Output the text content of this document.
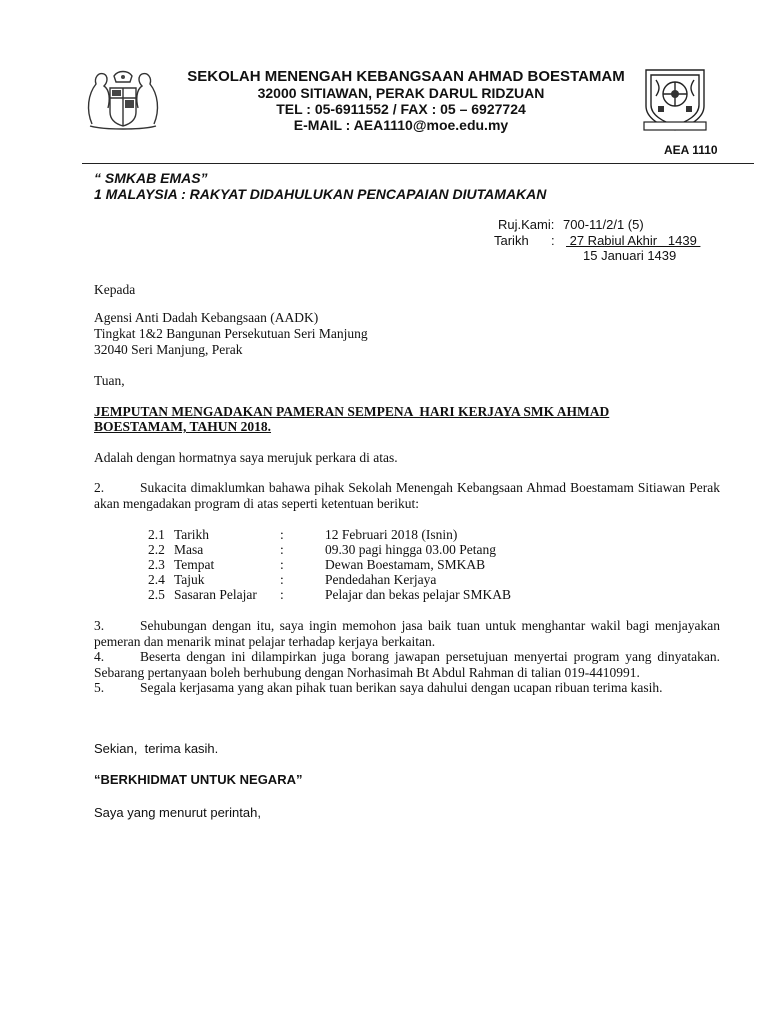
SEKOLAH MENENGAH KEBANGSAAN AHMAD BOESTAMAM
32000 SITIAWAN, PERAK DARUL RIDZUAN
TEL : 05-6911552 / FAX : 05 – 6927724
E-MAIL : AEA1110@moe.edu.my
AEA 1110
“ SMKAB EMAS”
1 MALAYSIA : RAKYAT DIDAHULUKAN PENCAPAIAN DIUTAMAKAN
Ruj.Kami: 700-11/2/1 (5)
Tarikh : 27 Rabiul Akhir   1439
15 Januari 1439
Kepada
Agensi Anti Dadah Kebangsaan (AADK)
Tingkat 1&2 Bangunan Persekutuan Seri Manjung
32040 Seri Manjung, Perak
Tuan,
JEMPUTAN MENGADAKAN PAMERAN SEMPENA  HARI KERJAYA SMK AHMAD
BOESTAMAM, TAHUN 2018.
Adalah dengan hormatnya saya merujuk perkara di atas.
2.	Sukacita dimaklumkan bahawa pihak Sekolah Menengah Kebangsaan Ahmad Boestamam Sitiawan Perak akan mengadakan program di atas seperti ketentuan berikut:
2.1 Tarikh	:	12 Februari 2018 (Isnin)
2.2 Masa	:	09.30 pagi hingga 03.00 Petang
2.3 Tempat	:	Dewan Boestamam, SMKAB
2.4 Tajuk	:	Pendedahan Kerjaya
2.5 Sasaran Pelajar :	Pelajar dan bekas pelajar SMKAB
3.	Sehubungan dengan itu, saya ingin memohon jasa baik tuan untuk menghantar wakil bagi menjayakan pemeran dan menarik minat pelajar terhadap kerjaya berkaitan.
4.	Beserta dengan ini dilampirkan juga borang jawapan persetujuan menyertai program yang dinyatakan. Sebarang pertanyaan boleh berhubung dengan Norhasimah Bt Abdul Rahman di talian 019-4410991.
5.	Segala kerjasama yang akan pihak tuan berikan saya dahului dengan ucapan ribuan terima kasih.
Sekian,  terima kasih.
“BERKHIDMAT UNTUK NEGARA”
Saya yang menurut perintah,
